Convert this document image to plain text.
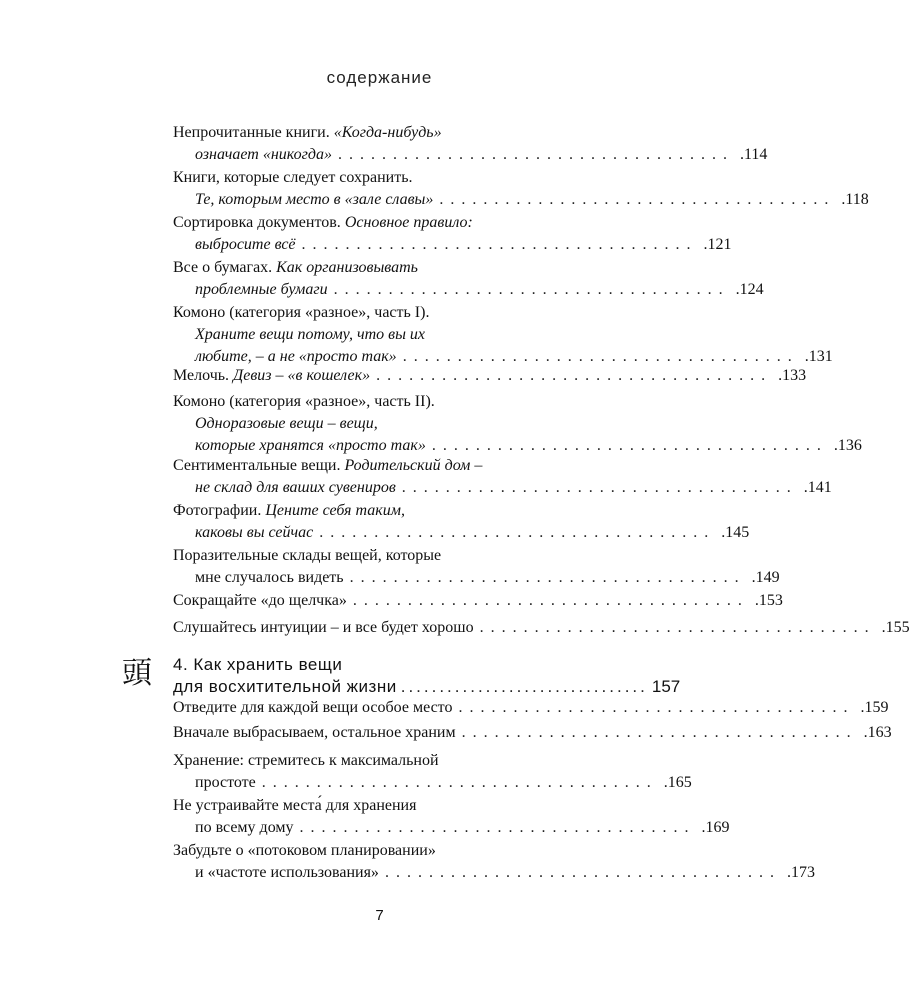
содержание
Непрочитанные книги. «Когда-нибудь»
означает «никогда» .................................... .114
Книги, которые следует сохранить.
Те, которым место в «зале славы» .................................... .118
Сортировка документов. Основное правило:
выбросите всё .................................... .121
Все о бумагах. Как организовывать
проблемные бумаги .................................... .124
Комоно (категория «разное», часть I).
Храните вещи потому, что вы их
любите, – а не «просто так» .................................... .131
Мелочь. Девиз – «в кошелек» .................................... .133
Комоно (категория «разное», часть II).
Одноразовые вещи – вещи,
которые хранятся «просто так» .................................... .136
Сентиментальные вещи. Родительский дом –
не склад для ваших сувениров .................................... .141
Фотографии. Цените себя таким,
каковы вы сейчас .................................... .145
Поразительные склады вещей, которые
мне случалось видеть .................................... .149
Сокращайте «до щелчка» .................................... .153
Слушайтесь интуиции – и все будет хорошо .................................... .155
頭 4. Как хранить вещи
для восхитительной жизни ................................ 157
Отведите для каждой вещи особое место .................................... .159
Вначале выбрасываем, остальное храним .................................... .163
Хранение: стремитесь к максимальной
простоте .................................... .165
Не устраивайте места́ для хранения
по всему дому .................................... .169
Забудьте о «потоковом планировании»
и «частоте использования» .................................... .173
7
